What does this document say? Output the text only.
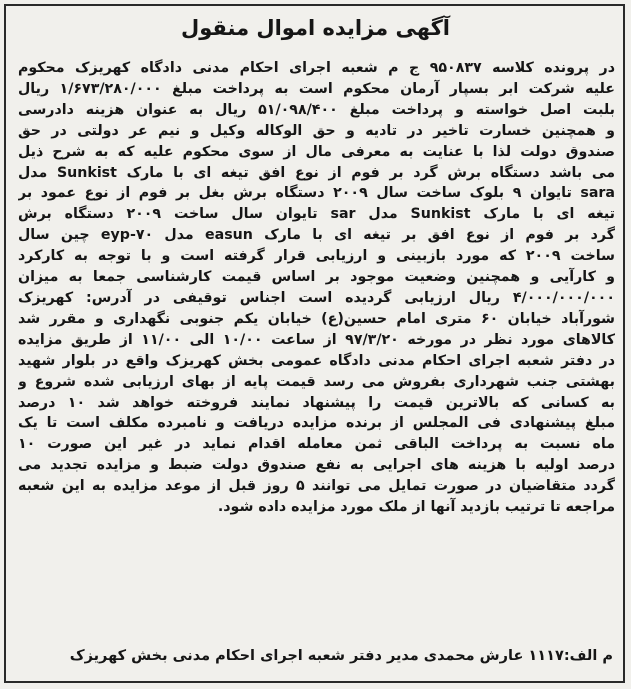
آگهی مزایده اموال منقول
در پرونده کلاسه ۹۵۰۸۳۷ ج م شعبه اجرای احکام مدنی دادگاه کهریزک محکوم
علیه شرکت ابر بسپار آرمان محکوم است به پرداخت مبلغ ۱/۶۷۳/۲۸۰/۰۰۰ ریال
بلبت اصل خواسته و پرداخت مبلغ ۵۱/۰۹۸/۴۰۰ ریال به عنوان هزینه دادرسی
و همچنین خسارت تاخیر در تادیه و حق الوکاله وکیل و نیم عر دولتی در حق
صندوق دولت لذا با عنایت به معرفی مال از سوی محکوم علیه که به شرح ذیل
می باشد دستگاه برش گرد بر فوم از نوع افق تیغه ای با مارک Sunkist مدل
sara تایوان ۹ بلوک ساخت سال ۲۰۰۹ دستگاه برش بغل بر فوم از نوع عمود بر
تیغه ای با مارک Sunkist مدل sar تایوان سال ساخت ۲۰۰۹ دستگاه برش
گرد بر فوم از نوع افق بر تیغه ای با مارک easun مدل eyp-۷۰ چین سال
ساخت ۲۰۰۹ که مورد بازبینی و ارزیابی قرار گرفته است و با توجه به کارکرد
و کارآیی و همچنین وضعیت موجود بر اساس قیمت کارشناسی جمعا به میزان
۴/۰۰۰/۰۰۰/۰۰۰ ریال ارزیابی گردیده است اجناس توقیفی در آدرس: کهریزک
شورآباد خیابان ۶۰ متری امام حسین(ع) خیابان یکم جنوبی نگهداری و مقرر شد
کالاهای مورد نظر در مورخه ۹۷/۳/۲۰ از ساعت ۱۰/۰۰ الی ۱۱/۰۰ از طریق مزایده
در دفتر شعبه اجرای احکام مدنی دادگاه عمومی بخش کهریزک واقع در بلوار شهید
بهشتی جنب شهرداری بفروش می رسد قیمت پایه از بهای ارزیابی شده شروع و
به کسانی که بالاترین قیمت را پیشنهاد نمایند فروخته خواهد شد ۱۰ درصد
مبلغ پیشنهادی فی المجلس از برنده مزایده دریافت و نامبرده مکلف است تا یک
ماه نسبت به پرداخت الباقی ثمن معامله اقدام نماید در غیر این صورت ۱۰
درصد اولیه با هزینه های اجرایی به نفع صندوق دولت ضبط و مزایده تجدید می
گردد متقاضیان در صورت تمایل می توانند ۵ روز قبل از موعد مزایده به این شعبه
مراجعه تا ترتیب بازدید آنها از ملک مورد مزایده داده شود.
م الف:۱۱۱۷ عارش محمدی مدیر دفتر شعبه اجرای احکام مدنی بخش کهریزک
